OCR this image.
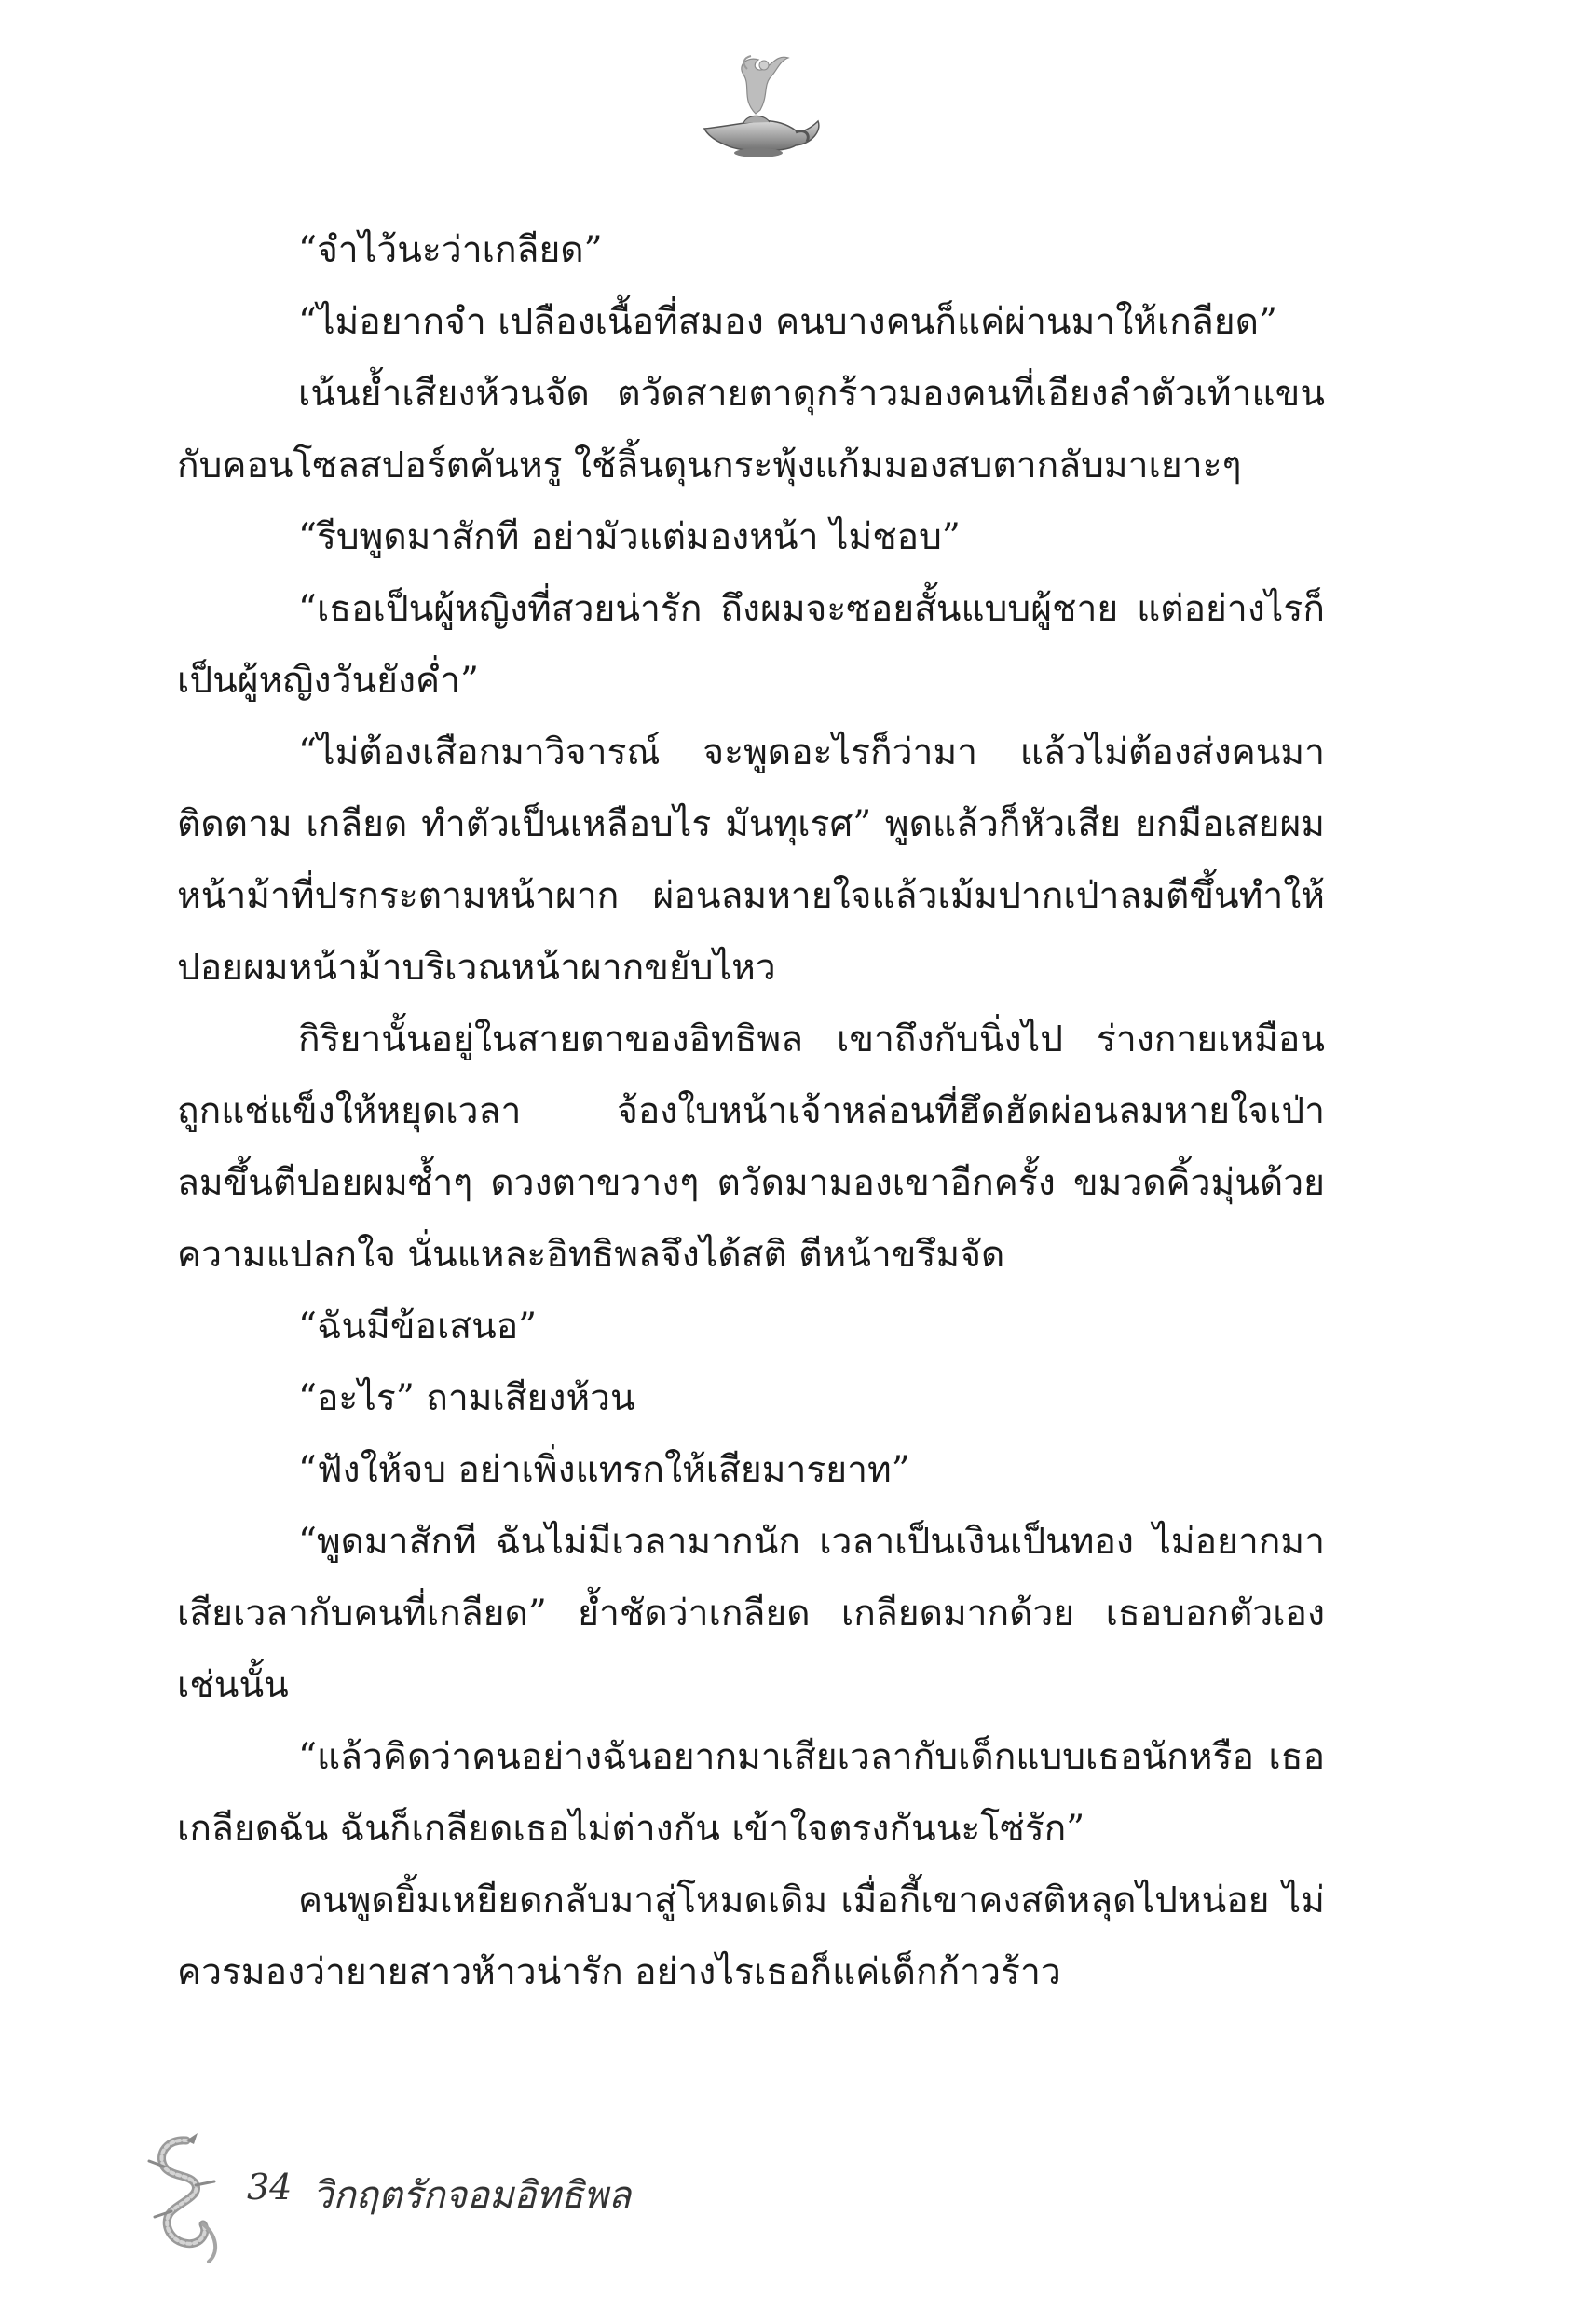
“จำไว้นะว่าเกลียด”

“ไม่อยากจำ เปลืองเนื้อที่สมอง คนบางคนก็แค่ผ่านมาให้เกลียด”

เน้นย้ำเสียงห้วนจัด ตวัดสายตาดุกร้าวมองคนที่เอียงลำตัวเท้าแขนกับคอนโซลสปอร์ตคันหรู ใช้ลิ้นดุนกระพุ้งแก้มมองสบตากลับมาเยาะๆ

“รีบพูดมาสักที อย่ามัวแต่มองหน้า ไม่ชอบ”

“เธอเป็นผู้หญิงที่สวยน่ารัก ถึงผมจะซอยสั้นแบบผู้ชาย แต่อย่างไรก็เป็นผู้หญิงวันยังค่ำ”

“ไม่ต้องเสือกมาวิจารณ์ จะพูดอะไรก็ว่ามา แล้วไม่ต้องส่งคนมาติดตาม เกลียด ทำตัวเป็นเหลือบไร มันทุเรศ” พูดแล้วก็หัวเสีย ยกมือเสยผมหน้าม้าที่ปรกระตามหน้าผาก ผ่อนลมหายใจแล้วเม้มปากเป่าลมตีขึ้นทำให้ปอยผมหน้าม้าบริเวณหน้าผากขยับไหว

กิริยานั้นอยู่ในสายตาของอิทธิพล เขาถึงกับนิ่งไป ร่างกายเหมือนถูกแช่แข็งให้หยุดเวลา จ้องใบหน้าเจ้าหล่อนที่ฮึดฮัดผ่อนลมหายใจเป่าลมขึ้นตีปอยผมซ้ำๆ ดวงตาขวางๆ ตวัดมามองเขาอีกครั้ง ขมวดคิ้วมุ่นด้วยความแปลกใจ นั่นแหละอิทธิพลจึงได้สติ ตีหน้าขรึมจัด

“ฉันมีข้อเสนอ”

“อะไร” ถามเสียงห้วน

“ฟังให้จบ อย่าเพิ่งแทรกให้เสียมารยาท”

“พูดมาสักที ฉันไม่มีเวลามากนัก เวลาเป็นเงินเป็นทอง ไม่อยากมาเสียเวลากับคนที่เกลียด” ย้ำชัดว่าเกลียด เกลียดมากด้วย เธอบอกตัวเองเช่นนั้น

“แล้วคิดว่าคนอย่างฉันอยากมาเสียเวลากับเด็กแบบเธอนักหรือ เธอเกลียดฉัน ฉันก็เกลียดเธอไม่ต่างกัน เข้าใจตรงกันนะโซ่รัก”

คนพูดยิ้มเหยียดกลับมาสู่โหมดเดิม เมื่อกี้เขาคงสติหลุดไปหน่อย ไม่ควรมองว่ายายสาวห้าวน่ารัก อย่างไรเธอก็แค่เด็กก้าวร้าว

34 วิกฤตรักจอมอิทธิพล
